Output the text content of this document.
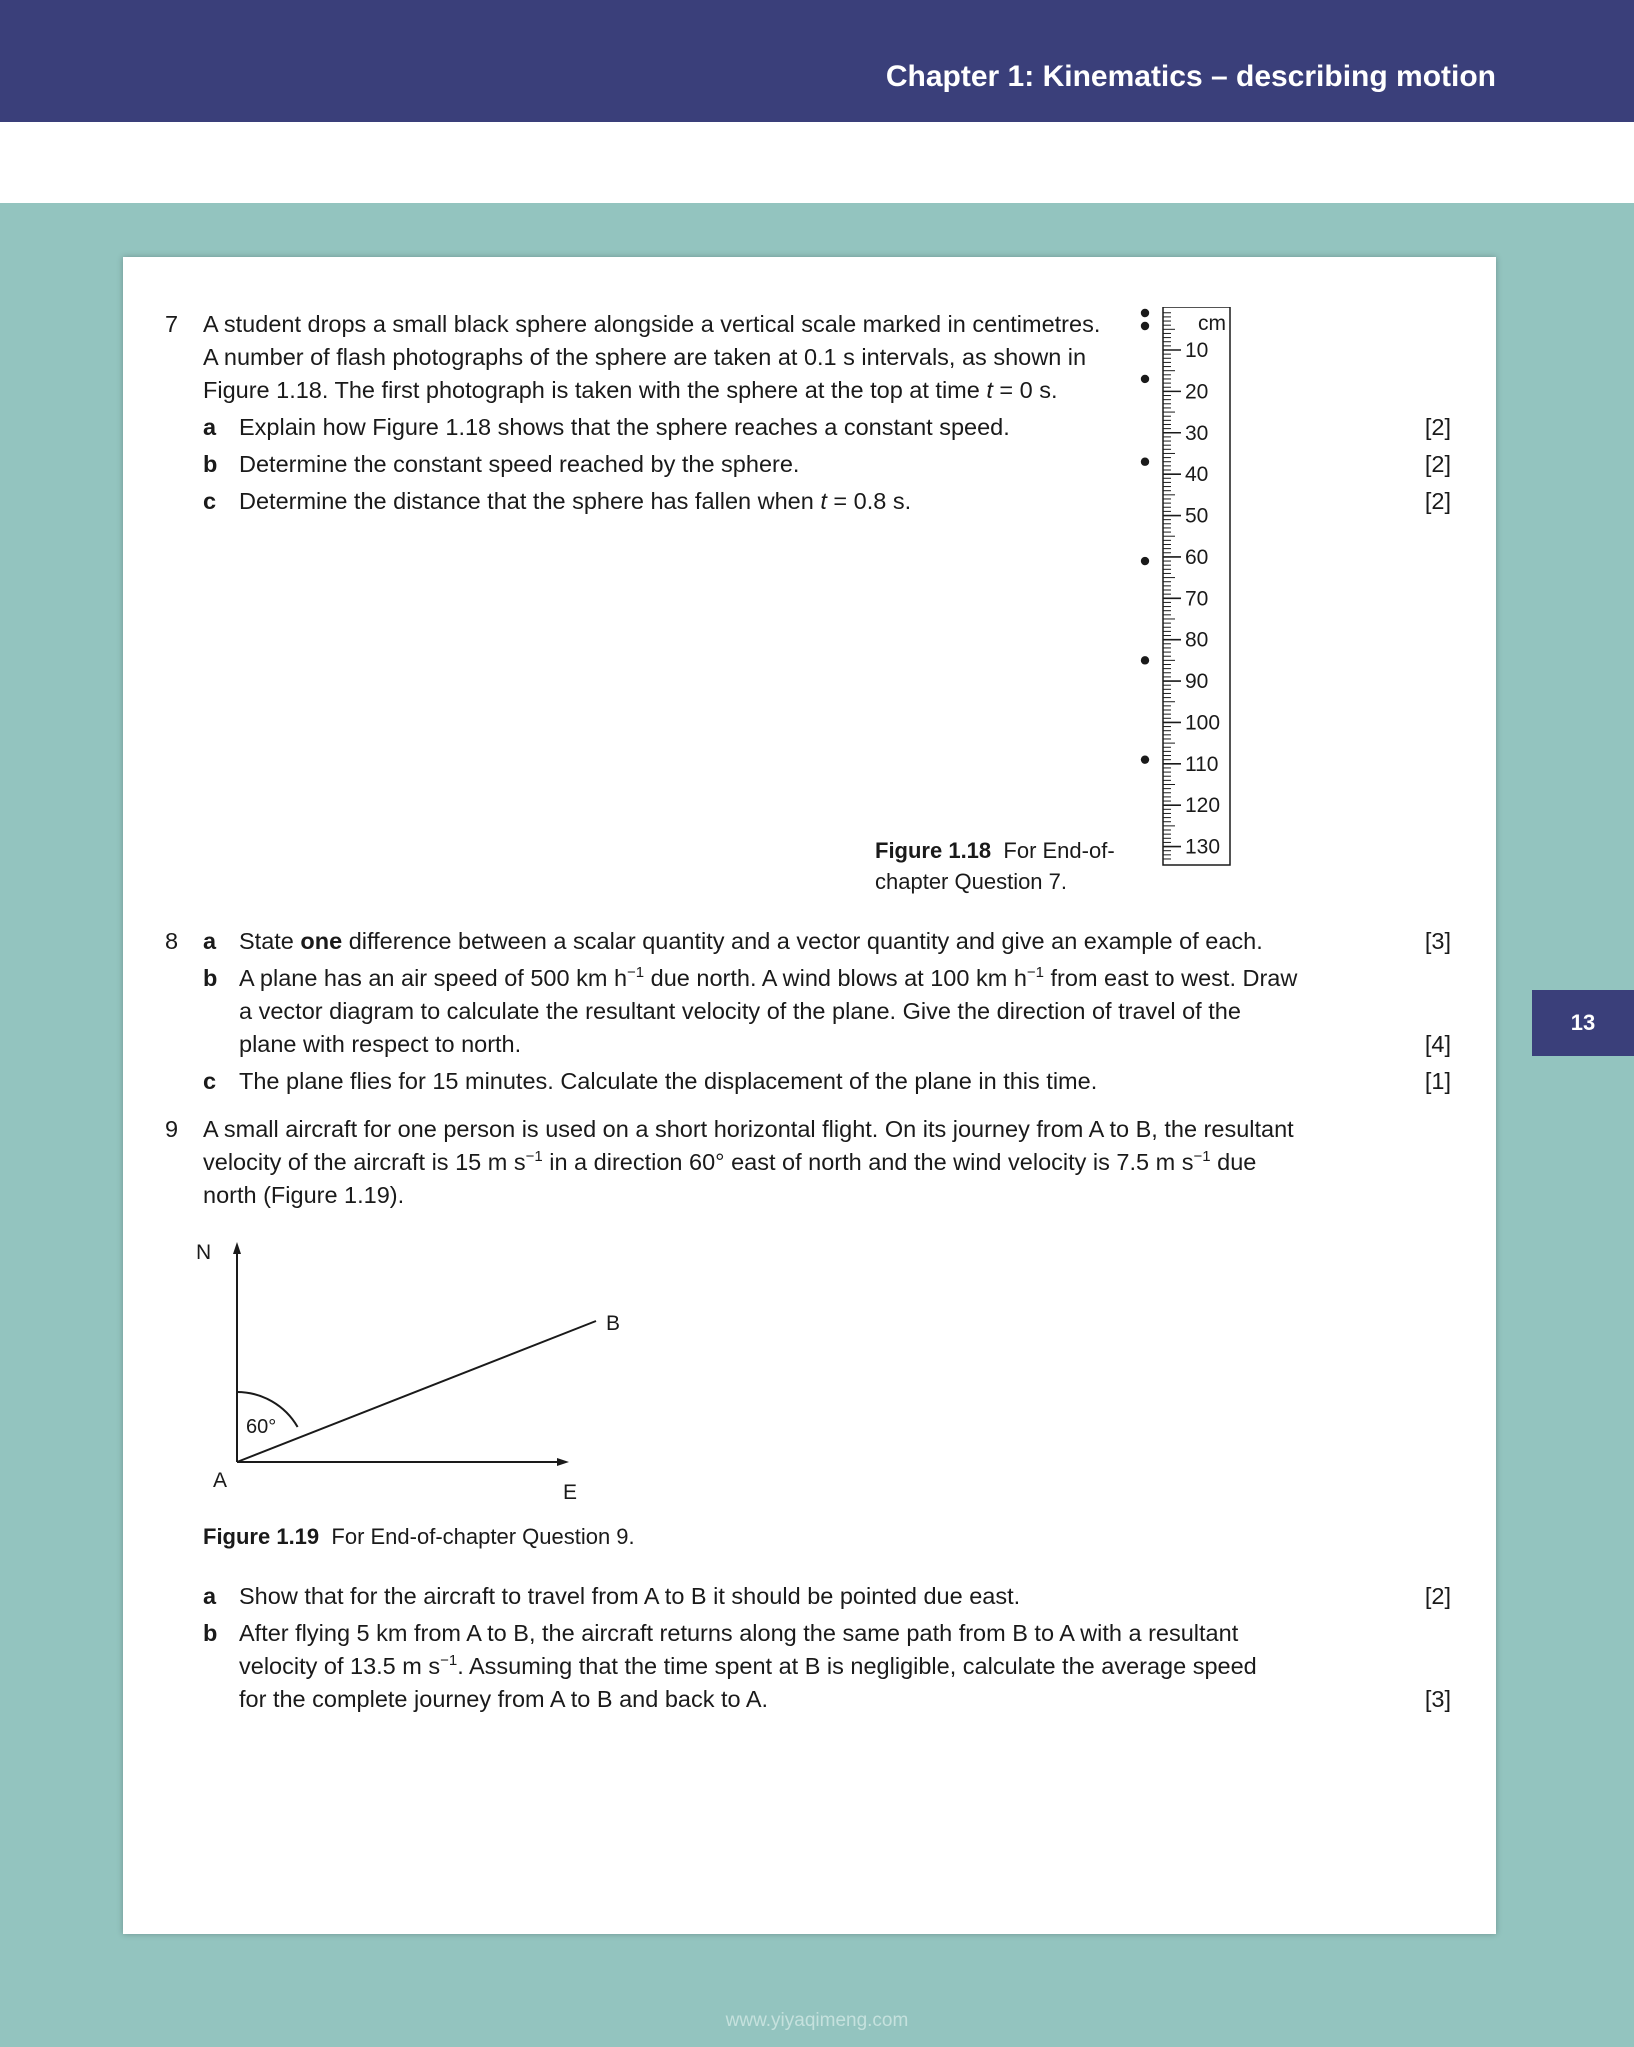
Chapter 1: Kinematics – describing motion
13
7 A student drops a small black sphere alongside a vertical scale marked in centimetres.
A number of flash photographs of the sphere are taken at 0.1 s intervals, as shown in
Figure 1.18. The first photograph is taken with the sphere at the top at time t = 0 s.
a Explain how Figure 1.18 shows that the sphere reaches a constant speed.	[2]
b Determine the constant speed reached by the sphere.	[2]
c Determine the distance that the sphere has fallen when t = 0.8 s.	[2]
cm
10
20
30
40
50
60
70
80
90
100
110
120
130
Figure 1.18 For End-of-
chapter Question 7.
8 a State one difference between a scalar quantity and a vector quantity and give an example of each.	[3]
b A plane has an air speed of 500 km $h^{-1}$ due north. A wind blows at 100 km $h^{-1}$ from east to west. Draw
a vector diagram to calculate the resultant velocity of the plane. Give the direction of travel of the
plane with respect to north.	[4]
c The plane flies for 15 minutes. Calculate the displacement of the plane in this time.	[1]
9 A small aircraft for one person is used on a short horizontal flight. On its journey from A to B, the resultant
velocity of the aircraft is 15 m $s^{-1}$ in a direction 60° east of north and the wind velocity is 7.5 m $s^{-1}$ due
north (Figure 1.19).
N
B
A
E
60°
Figure 1.19 For End-of-chapter Question 9.
a Show that for the aircraft to travel from A to B it should be pointed due east.	[2]
b After flying 5 km from A to B, the aircraft returns along the same path from B to A with a resultant
velocity of 13.5 m $s^{-1}$. Assuming that the time spent at B is negligible, calculate the average speed
for the complete journey from A to B and back to A.	[3]
www.yiyaqimeng.com
